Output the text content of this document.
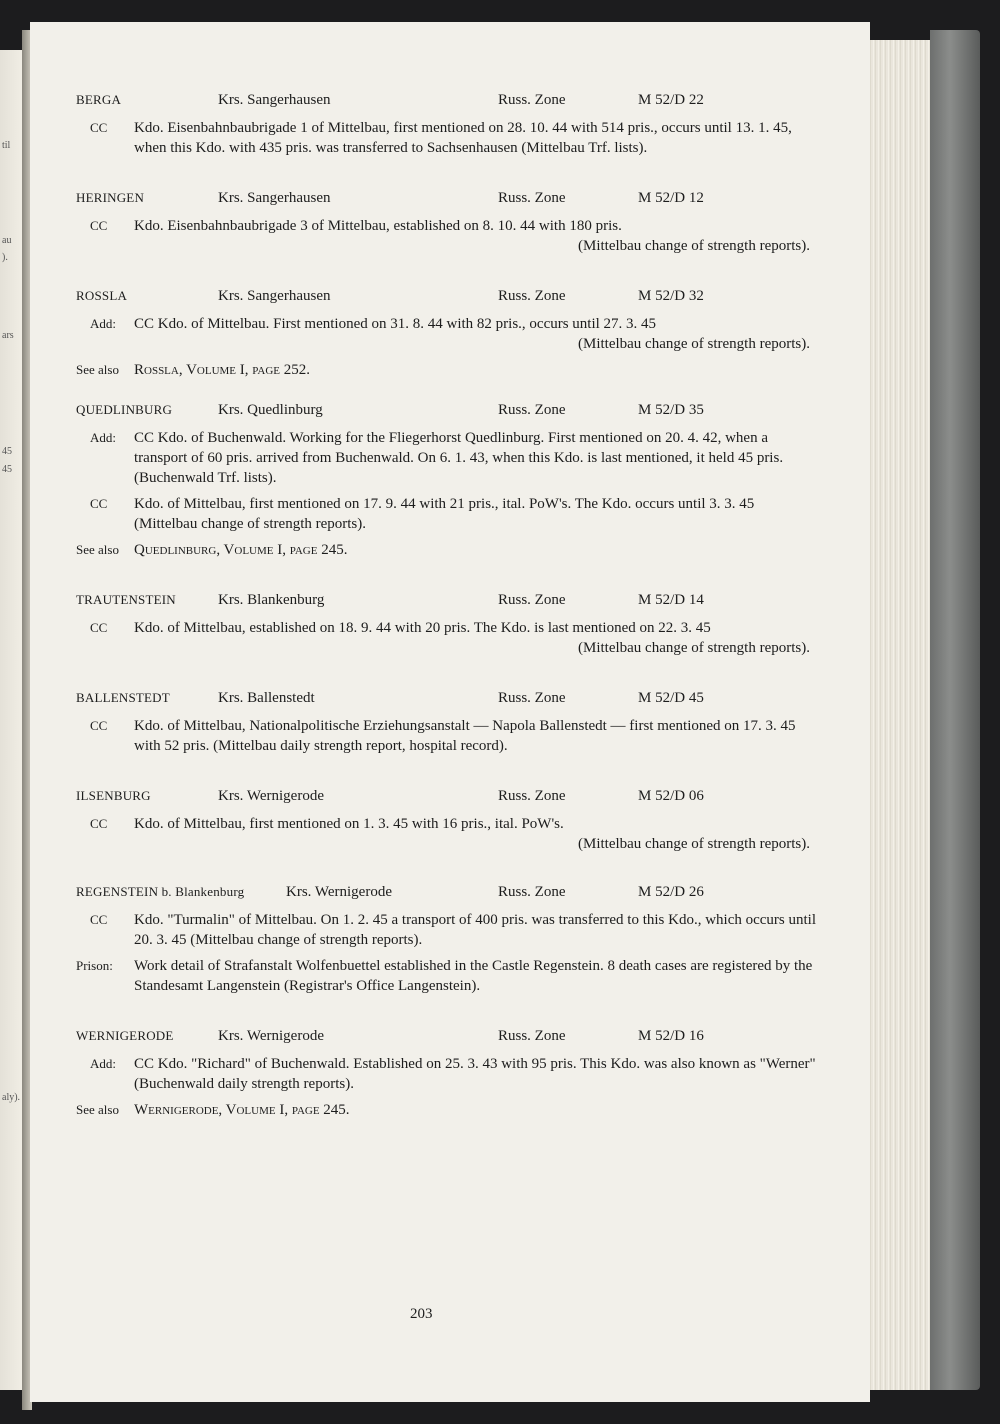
til
au
).
ars
45
45
aly).
BERGA	Krs. Sangerhausen	Russ. Zone	M 52/D 22
CC Kdo. Eisenbahnbaubrigade 1 of Mittelbau, first mentioned on 28. 10. 44 with 514 pris., occurs until 13. 1. 45, when this Kdo. with 435 pris. was transferred to Sachsenhausen (Mittelbau Trf. lists).
HERINGEN	Krs. Sangerhausen	Russ. Zone	M 52/D 12
CC Kdo. Eisenbahnbaubrigade 3 of Mittelbau, established on 8. 10. 44 with 180 pris.
(Mittelbau change of strength reports).
ROSSLA	Krs. Sangerhausen	Russ. Zone	M 52/D 32
Add: CC Kdo. of Mittelbau. First mentioned on 31. 8. 44 with 82 pris., occurs until 27. 3. 45
(Mittelbau change of strength reports).
See also Rossla, Volume I, page 252.
QUEDLINBURG	Krs. Quedlinburg	Russ. Zone	M 52/D 35
Add: CC Kdo. of Buchenwald. Working for the Fliegerhorst Quedlinburg. First mentioned on 20. 4. 42, when a transport of 60 pris. arrived from Buchenwald. On 6. 1. 43, when this Kdo. is last mentioned, it held 45 pris. (Buchenwald Trf. lists).
CC Kdo. of Mittelbau, first mentioned on 17. 9. 44 with 21 pris., ital. PoW's. The Kdo. occurs until 3. 3. 45 (Mittelbau change of strength reports).
See also Quedlinburg, Volume I, page 245.
TRAUTENSTEIN	Krs. Blankenburg	Russ. Zone	M 52/D 14
CC Kdo. of Mittelbau, established on 18. 9. 44 with 20 pris. The Kdo. is last mentioned on 22. 3. 45
(Mittelbau change of strength reports).
BALLENSTEDT	Krs. Ballenstedt	Russ. Zone	M 52/D 45
CC Kdo. of Mittelbau, Nationalpolitische Erziehungsanstalt — Napola Ballenstedt — first mentioned on 17. 3. 45 with 52 pris. (Mittelbau daily strength report, hospital record).
ILSENBURG	Krs. Wernigerode	Russ. Zone	M 52/D 06
CC Kdo. of Mittelbau, first mentioned on 1. 3. 45 with 16 pris., ital. PoW's.
(Mittelbau change of strength reports).
REGENSTEIN b. Blankenburg	Krs. Wernigerode	Russ. Zone	M 52/D 26
CC Kdo. "Turmalin" of Mittelbau. On 1. 2. 45 a transport of 400 pris. was transferred to this Kdo., which occurs until 20. 3. 45 (Mittelbau change of strength reports).
Prison: Work detail of Strafanstalt Wolfenbuettel established in the Castle Regenstein. 8 death cases are registered by the Standesamt Langenstein (Registrar's Office Langenstein).
WERNIGERODE	Krs. Wernigerode	Russ. Zone	M 52/D 16
Add: CC Kdo. "Richard" of Buchenwald. Established on 25. 3. 43 with 95 pris. This Kdo. was also known as "Werner" (Buchenwald daily strength reports).
See also Wernigerode, Volume I, page 245.
203
